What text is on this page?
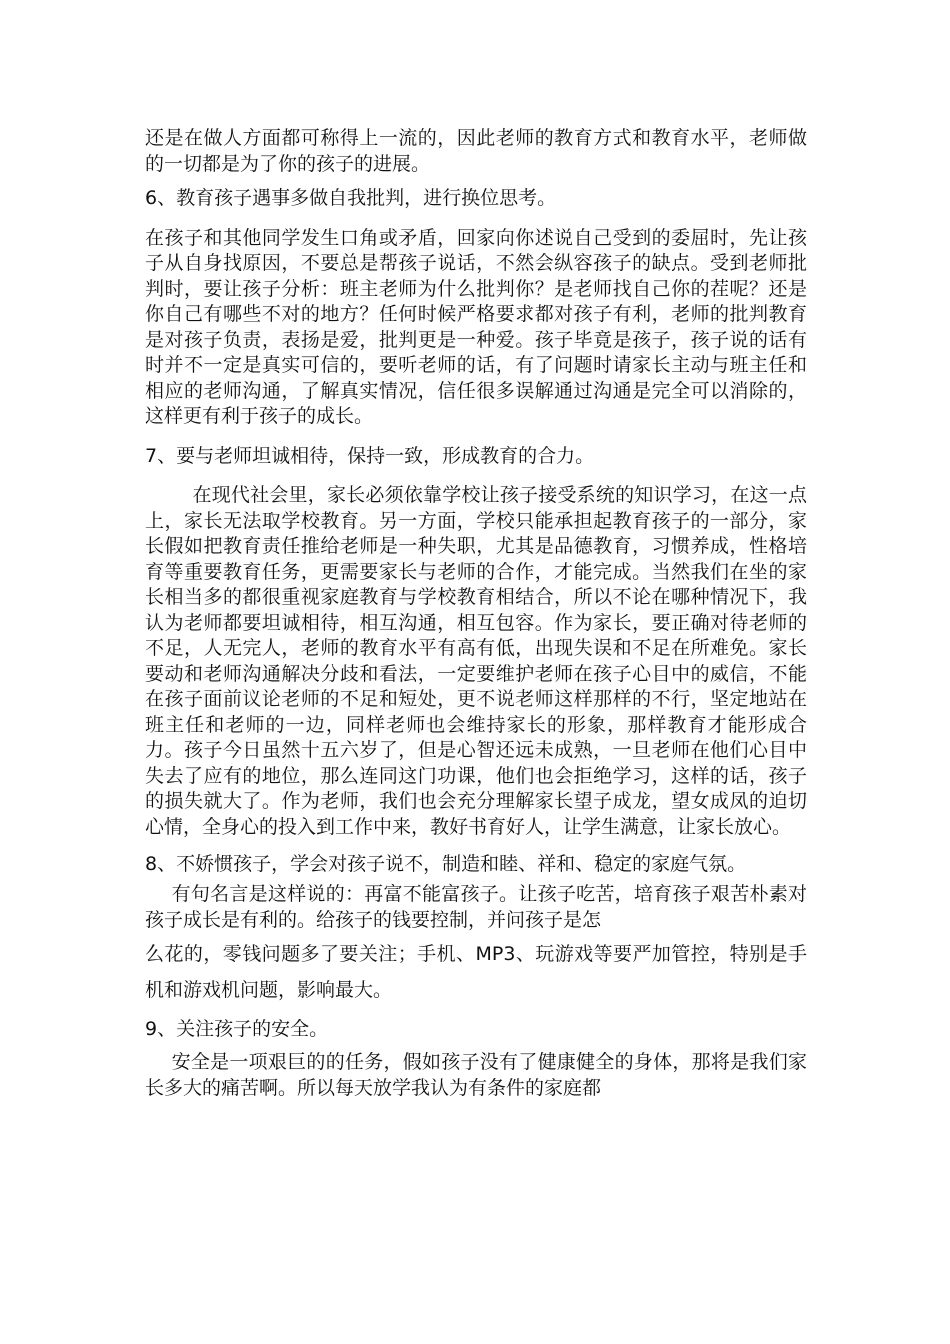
还是在做人方面都可称得上一流的，因此老师的教育方式和教育水平，老师做的一切都是为了你的孩子的进展。

6、教育孩子遇事多做自我批判，进行换位思考。

在孩子和其他同学发生口角或矛盾，回家向你述说自己受到的委屈时，先让孩子从自身找原因，不要总是帮孩子说话，不然会纵容孩子的缺点。受到老师批判时，要让孩子分析：班主老师为什么批判你？是老师找自己你的茬呢？还是你自己有哪些不对的地方？任何时候严格要求都对孩子有利，老师的批判教育是对孩子负责，表扬是爱，批判更是一种爱。孩子毕竟是孩子，孩子说的话有时并不一定是真实可信的，要听老师的话，有了问题时请家长主动与班主任和相应的老师沟通，了解真实情况，信任很多误解通过沟通是完全可以消除的，这样更有利于孩子的成长。

7、要与老师坦诚相待，保持一致，形成教育的合力。

在现代社会里，家长必须依靠学校让孩子接受系统的知识学习，在这一点上，家长无法取学校教育。另一方面，学校只能承担起教育孩子的一部分，家长假如把教育责任推给老师是一种失职，尤其是品德教育，习惯养成，性格培育等重要教育任务，更需要家长与老师的合作，才能完成。当然我们在坐的家长相当多的都很重视家庭教育与学校教育相结合，所以不论在哪种情况下，我认为老师都要坦诚相待，相互沟通，相互包容。作为家长，要正确对待老师的不足，人无完人，老师的教育水平有高有低，出现失误和不足在所难免。家长要动和老师沟通解决分歧和看法，一定要维护老师在孩子心目中的威信，不能在孩子面前议论老师的不足和短处，更不说老师这样那样的不行，坚定地站在班主任和老师的一边，同样老师也会维持家长的形象，那样教育才能形成合力。孩子今日虽然十五六岁了，但是心智还远未成熟，一旦老师在他们心目中失去了应有的地位，那么连同这门功课，他们也会拒绝学习，这样的话，孩子的损失就大了。作为老师，我们也会充分理解家长望子成龙，望女成凤的迫切心情，全身心的投入到工作中来，教好书育好人，让学生满意，让家长放心。

8、不娇惯孩子，学会对孩子说不，制造和睦、祥和、稳定的家庭气氛。

有句名言是这样说的：再富不能富孩子。让孩子吃苦，培育孩子艰苦朴素对孩子成长是有利的。给孩子的钱要控制，并问孩子是怎

么花的，零钱问题多了要关注；手机、MP3、玩游戏等要严加管控，特别是手机和游戏机问题，影响最大。

9、关注孩子的安全。

安全是一项艰巨的的任务，假如孩子没有了健康健全的身体，那将是我们家长多大的痛苦啊。所以每天放学我认为有条件的家庭都
